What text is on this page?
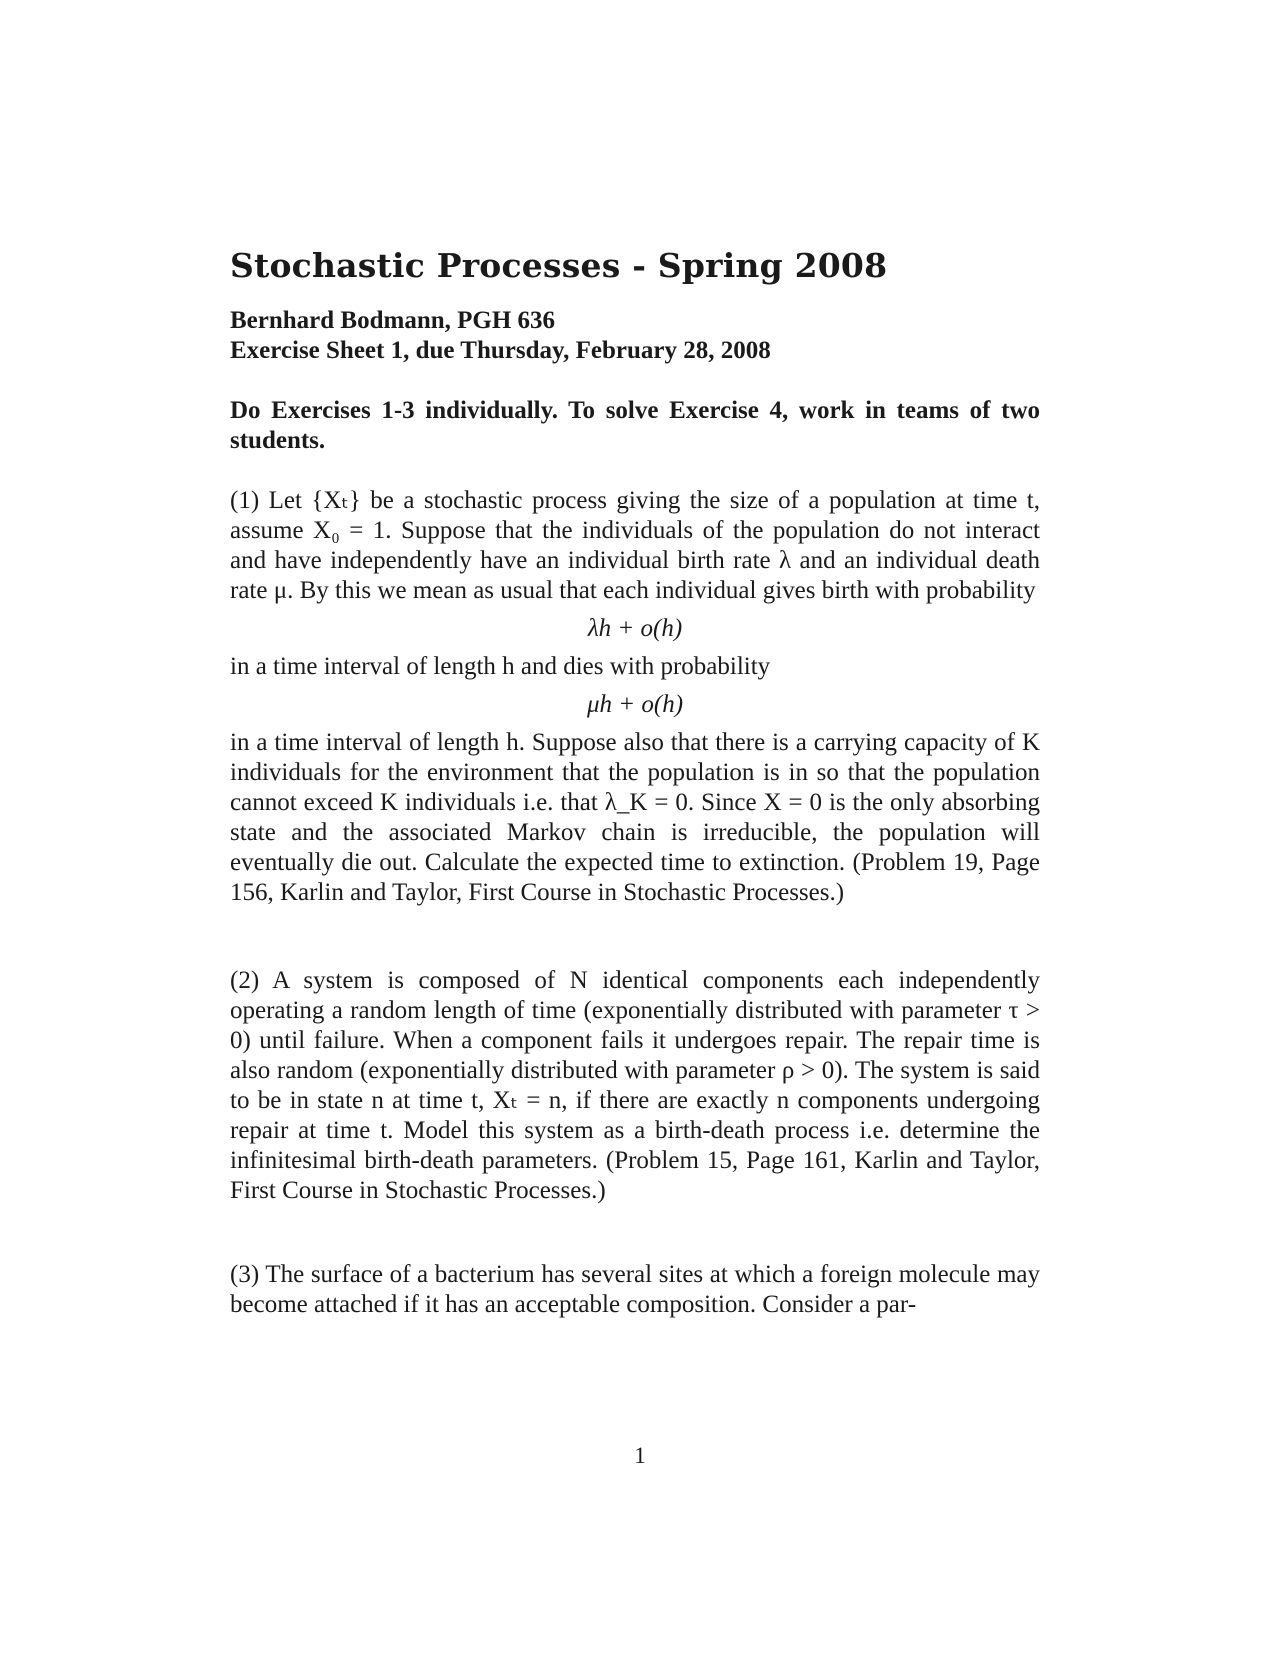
Stochastic Processes - Spring 2008

Bernhard Bodmann, PGH 636

Exercise Sheet 1, due Thursday, February 28, 2008

Do Exercises 1-3 individually. To solve Exercise 4, work in teams of two students.

(1) Let {Xₜ} be a stochastic process giving the size of a population at time t, assume X₀ = 1. Suppose that the individuals of the population do not interact and have independently have an individual birth rate λ and an individual death rate μ. By this we mean as usual that each individual gives birth with probability

λh + o(h)

in a time interval of length h and dies with probability

μh + o(h)

in a time interval of length h. Suppose also that there is a carrying capacity of K individuals for the environment that the population is in so that the population cannot exceed K individuals i.e. that λ_K = 0. Since X = 0 is the only absorbing state and the associated Markov chain is irreducible, the population will eventually die out. Calculate the expected time to extinction. (Problem 19, Page 156, Karlin and Taylor, First Course in Stochastic Processes.)

(2) A system is composed of N identical components each independently operating a random length of time (exponentially distributed with parameter τ > 0) until failure. When a component fails it undergoes repair. The repair time is also random (exponentially distributed with parameter ρ > 0). The system is said to be in state n at time t, Xₜ = n, if there are exactly n components undergoing repair at time t. Model this system as a birth-death process i.e. determine the infinitesimal birth-death parameters. (Problem 15, Page 161, Karlin and Taylor, First Course in Stochastic Processes.)

(3) The surface of a bacterium has several sites at which a foreign molecule may become attached if it has an acceptable composition. Consider a par-

1
